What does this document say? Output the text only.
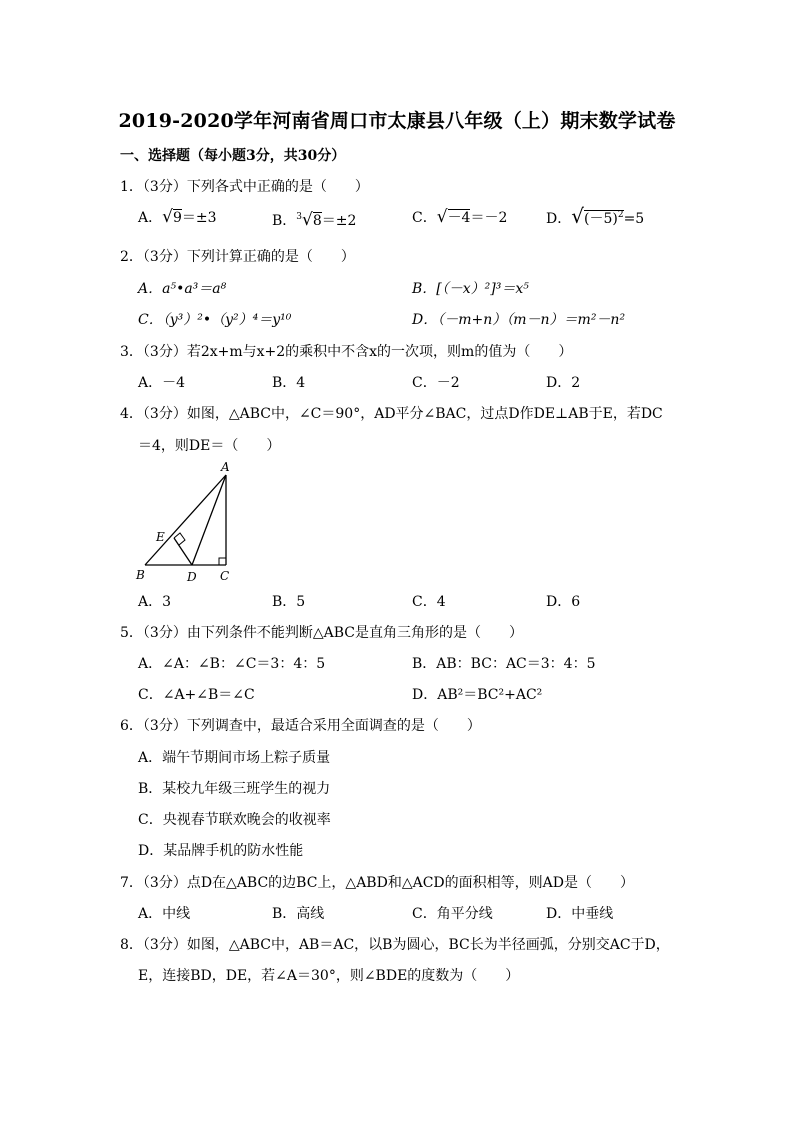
2019-2020学年河南省周口市太康县八年级（上）期末数学试卷
一、选择题（每小题3分，共30分）
1．（3分）下列各式中正确的是（　　）
A．√9＝±3	B．$^3$√8＝±2	C．√－4＝－2	D．$√(-5)^2=5$
2．（3分）下列计算正确的是（　　）
A．a⁵•a³＝a⁸	B．[（－x）²]³＝x⁵
C．（y³）²•（y²）⁴＝y¹⁰	D．（－m+n）（m－n）＝m²－n²
3．（3分）若2x+m与x+2的乘积中不含x的一次项，则m的值为（　　）
A．－4	B．4	C．－2	D．2
4．（3分）如图，△ABC中，∠C＝90°，AD平分∠BAC，过点D作DE⊥AB于E，若DC
＝4，则DE＝（　　）
A
B	C
D
E
A．3	B．5	C．4	D．6
5．（3分）由下列条件不能判断△ABC是直角三角形的是（　　）
A．∠A：∠B：∠C＝3：4：5	B．AB：BC：AC＝3：4：5
C．∠A+∠B＝∠C	D．AB²＝BC²+AC²
6．（3分）下列调查中，最适合采用全面调查的是（　　）
A．端午节期间市场上粽子质量
B．某校九年级三班学生的视力
C．央视春节联欢晚会的收视率
D．某品牌手机的防水性能
7．（3分）点D在△ABC的边BC上，△ABD和△ACD的面积相等，则AD是（　　）
A．中线	B．高线	C．角平分线	D．中垂线
8．（3分）如图，△ABC中，AB＝AC，以B为圆心，BC长为半径画弧，分别交AC于D，
E，连接BD，DE，若∠A＝30°，则∠BDE的度数为（　　）
